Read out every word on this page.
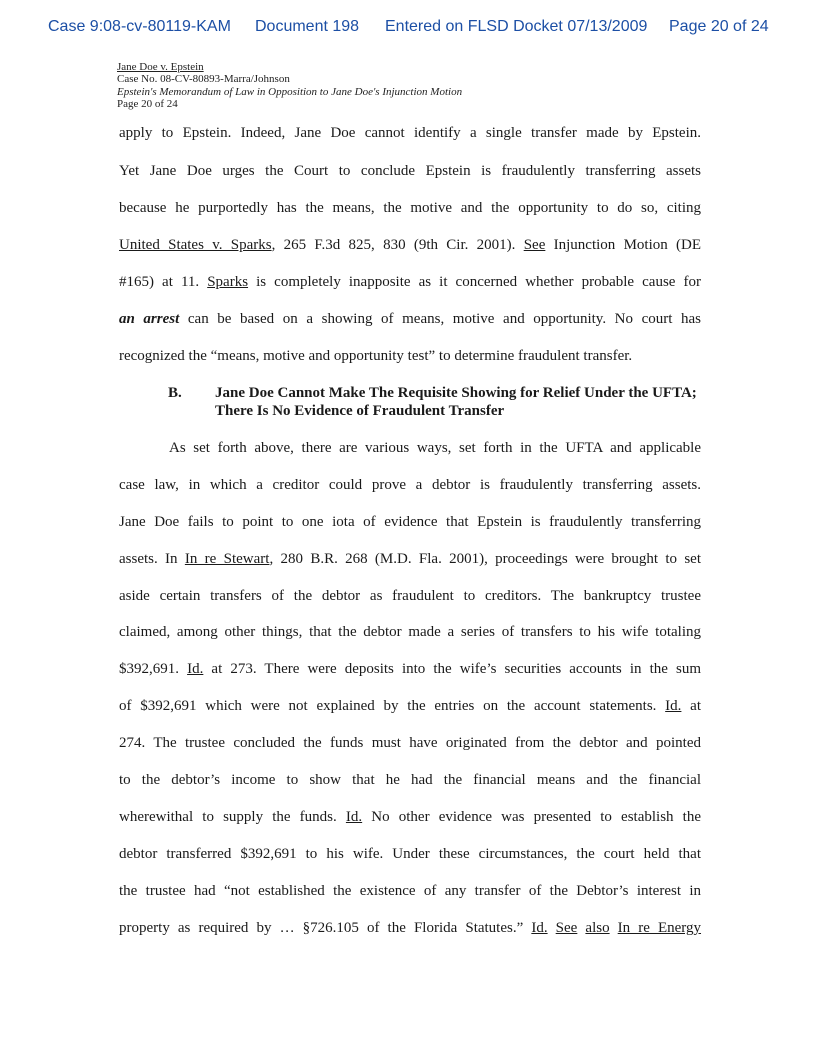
Case 9:08-cv-80119-KAM Document 198 Entered on FLSD Docket 07/13/2009 Page 20 of 24
Jane Doe v. Epstein
Case No. 08-CV-80893-Marra/Johnson
Epstein's Memorandum of Law in Opposition to Jane Doe's Injunction Motion
Page 20 of 24
apply to Epstein. Indeed, Jane Doe cannot identify a single transfer made by Epstein.
Yet Jane Doe urges the Court to conclude Epstein is fraudulently transferring assets
because he purportedly has the means, the motive and the opportunity to do so, citing
United States v. Sparks, 265 F.3d 825, 830 (9th Cir. 2001). See Injunction Motion (DE
#165) at 11. Sparks is completely inapposite as it concerned whether probable cause for
an arrest can be based on a showing of means, motive and opportunity. No court has
recognized the “means, motive and opportunity test” to determine fraudulent transfer.
B. Jane Doe Cannot Make The Requisite Showing for Relief Under the UFTA; There Is No Evidence of Fraudulent Transfer
As set forth above, there are various ways, set forth in the UFTA and applicable
case law, in which a creditor could prove a debtor is fraudulently transferring assets.
Jane Doe fails to point to one iota of evidence that Epstein is fraudulently transferring
assets. In In re Stewart, 280 B.R. 268 (M.D. Fla. 2001), proceedings were brought to set
aside certain transfers of the debtor as fraudulent to creditors. The bankruptcy trustee
claimed, among other things, that the debtor made a series of transfers to his wife totaling
$392,691. Id. at 273. There were deposits into the wife’s securities accounts in the sum
of $392,691 which were not explained by the entries on the account statements. Id. at
274. The trustee concluded the funds must have originated from the debtor and pointed
to the debtor’s income to show that he had the financial means and the financial
wherewithal to supply the funds. Id. No other evidence was presented to establish the
debtor transferred $392,691 to his wife. Under these circumstances, the court held that
the trustee had “not established the existence of any transfer of the Debtor’s interest in
property as required by … §726.105 of the Florida Statutes.” Id. See also In re Energy
